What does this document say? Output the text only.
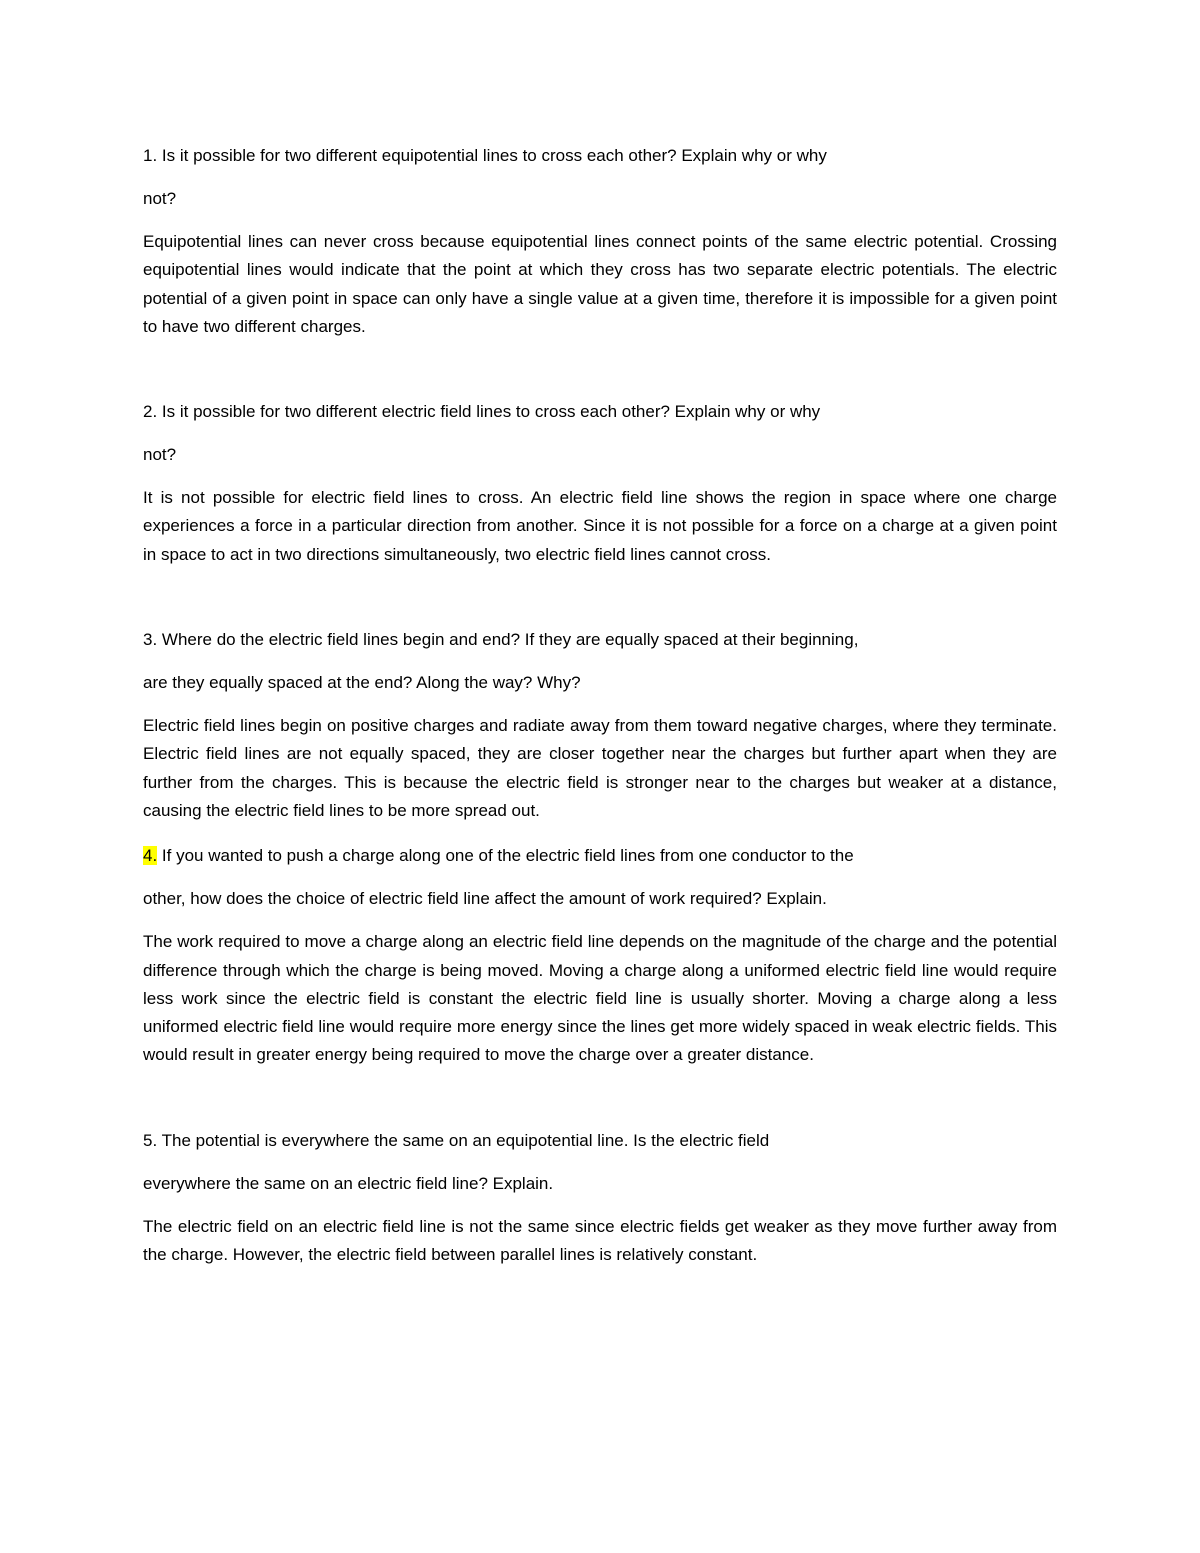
1. Is it possible for two different equipotential lines to cross each other? Explain why or why

not?

Equipotential lines can never cross because equipotential lines connect points of the same electric potential. Crossing equipotential lines would indicate that the point at which they cross has two separate electric potentials. The electric potential of a given point in space can only have a single value at a given time, therefore it is impossible for a given point to have two different charges.

2. Is it possible for two different electric field lines to cross each other? Explain why or why

not?

It is not possible for electric field lines to cross. An electric field line shows the region in space where one charge experiences a force in a particular direction from another. Since it is not possible for a force on a charge at a given point in space to act in two directions simultaneously, two electric field lines cannot cross.

3. Where do the electric field lines begin and end? If they are equally spaced at their beginning,

are they equally spaced at the end? Along the way? Why?

Electric field lines begin on positive charges and radiate away from them toward negative charges, where they terminate. Electric field lines are not equally spaced, they are closer together near the charges but further apart when they are further from the charges. This is because the electric field is stronger near to the charges but weaker at a distance, causing the electric field lines to be more spread out.

4. If you wanted to push a charge along one of the electric field lines from one conductor to the

other, how does the choice of electric field line affect the amount of work required? Explain.

The work required to move a charge along an electric field line depends on the magnitude of the charge and the potential difference through which the charge is being moved. Moving a charge along a uniformed electric field line would require less work since the electric field is constant the electric field line is usually shorter. Moving a charge along a less uniformed electric field line would require more energy since the lines get more widely spaced in weak electric fields. This would result in greater energy being required to move the charge over a greater distance.

5. The potential is everywhere the same on an equipotential line. Is the electric field

everywhere the same on an electric field line? Explain.

The electric field on an electric field line is not the same since electric fields get weaker as they move further away from the charge. However, the electric field between parallel lines is relatively constant.
